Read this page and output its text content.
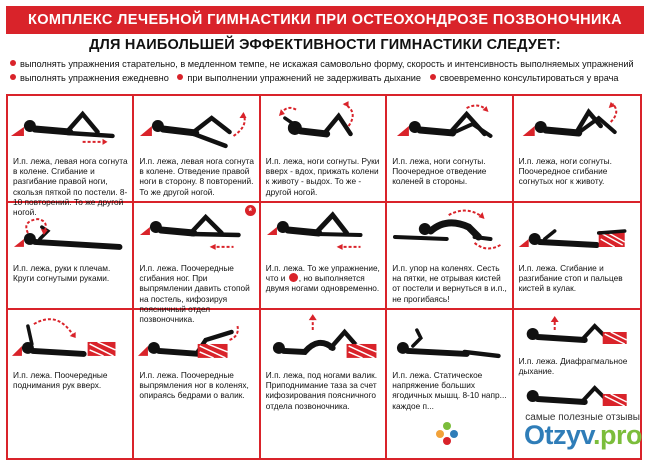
КОМПЛЕКС ЛЕЧЕБНОЙ ГИМНАСТИКИ ПРИ ОСТЕОХОНДРОЗЕ ПОЗВОНОЧНИКА
ДЛЯ НАИБОЛЬШЕЙ ЭФФЕКТИВНОСТИ ГИМНАСТИКИ СЛЕДУЕТ:
выполнять упражнения старательно, в медленном темпе, не искажая самовольно форму, скорость и интенсивность выполняемых упражнений
выполнять упражнения ежедневно при выполнении упражнений не задерживать дыхание своевременно консультироваться у врача
И.п. лежа, левая нога согнута в колене. Сгибание и разгибание правой ноги, скользя пяткой по постели. 8-10 повторений. То же другой ногой.
И.п. лежа, левая нога согнута в колене. Отведение правой ноги в сторону. 8 повторений. То же другой ногой.
И.п. лежа, ноги согнуты. Руки вверх - вдох, прижать колени к животу - выдох. То же - другой ногой.
И.п. лежа, ноги согнуты. Поочередное отведение коленей в стороны.
И.п. лежа, ноги согнуты. Поочередное сгибание согнутых ног к животу.
И.п. лежа, руки к плечам. Круги согнутыми руками.
*
И.п. лежа. Поочередные сгибания ног. При выпрямлении давить стопой на постель, кифозируя поясничный отдел позвоночника.
И.п. лежа. То же упражнение, что и , но выполняется двумя ногами одновременно.
И.п. упор на коленях. Сесть на пятки, не отрывая кистей от постели и вернуться в и.п., не прогибаясь!
И.п. лежа. Сгибание и разгибание стоп и пальцев кистей в кулак.
И.п. лежа. Поочередные поднимания рук вверх.
И.п. лежа. Поочередные выпрямления ног в коленях, опираясь бедрами о валик.
И.п. лежа, под ногами валик. Приподнимание таза за счет кифозирования поясничного отдела позвоночника.
И.п. лежа. Статическое напряжение больших ягодичных мышц. 8-10 напр... каждое п...
И.п. лежа. Диафрагмальное дыхание.
самые полезные отзывы
Otzyv.pro
